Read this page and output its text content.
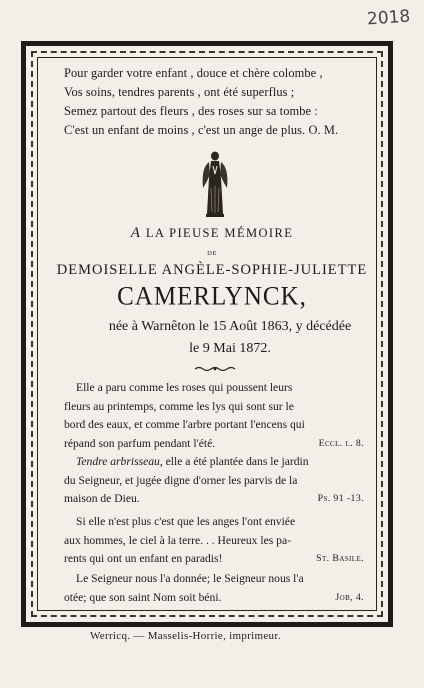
2018
Pour garder votre enfant , douce et chère colombe ,
Vos soins, tendres parents , ont été superflus ;
Semez partout des fleurs , des roses sur sa tombe :
C'est un enfant de moins , c'est un ange de plus. O. M.
A LA PIEUSE MÉMOIRE
DE
DEMOISELLE ANGÈLE-SOPHIE-JULIETTE
CAMERLYNCK,
née à Warnêton le 15 Août 1863, y décédée
le 9 Mai 1872.
Elle a paru comme les roses qui poussent leurs
fleurs au printemps, comme les lys qui sont sur le
bord des eaux, et comme l'arbre portant l'encens qui
répand son parfum pendant l'été.	Eccl. l. 8.
Tendre arbrisseau, elle a été plantée dans le jardin
du Seigneur, et jugée digne d'orner les parvis de la
maison de Dieu.	Ps. 91 -13.
Si elle n'est plus c'est que les anges l'ont enviée
aux hommes, le ciel à la terre. . . Heureux les pa-
rents qui ont un enfant en paradis!	St. Basile.
Le Seigneur nous l'a donnée; le Seigneur nous l'a
otée; que son saint Nom soit béni.	Job, 4.
Werricq. — Masselis-Horrie, imprimeur.
